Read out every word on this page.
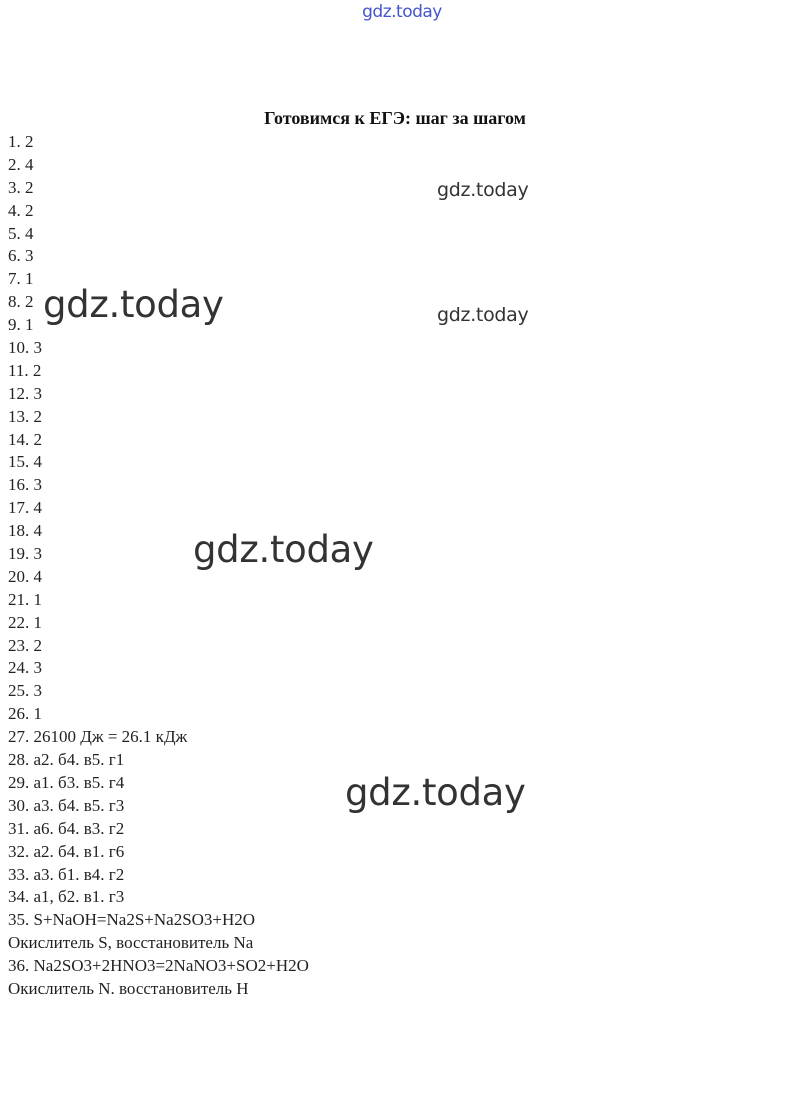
gdz.today
Готовимся к ЕГЭ: шаг за шагом
1. 2
2. 4
3. 2
4. 2
5. 4
6. 3
7. 1
8. 2
9. 1
10. 3
11. 2
12. 3
13. 2
14. 2
15. 4
16. 3
17. 4
18. 4
19. 3
20. 4
21. 1
22. 1
23. 2
24. 3
25. 3
26. 1
27. 26100 Дж = 26.1 кДж
28. а2. б4. в5. г1
29. а1. б3. в5. г4
30. а3. б4. в5. г3
31. а6. б4. в3. г2
32. а2. б4. в1. г6
33. а3. б1. в4. г2
34. а1, б2. в1. г3
35. S+NaOH=Na2S+Na2SO3+H2O
Окислитель S, восстановитель Na
36. Na2SO3+2HNO3=2NaNO3+SO2+H2O
Окислитель N. восстановитель H
gdz.today
gdz.today	gdz.today
gdz.today
gdz.today
